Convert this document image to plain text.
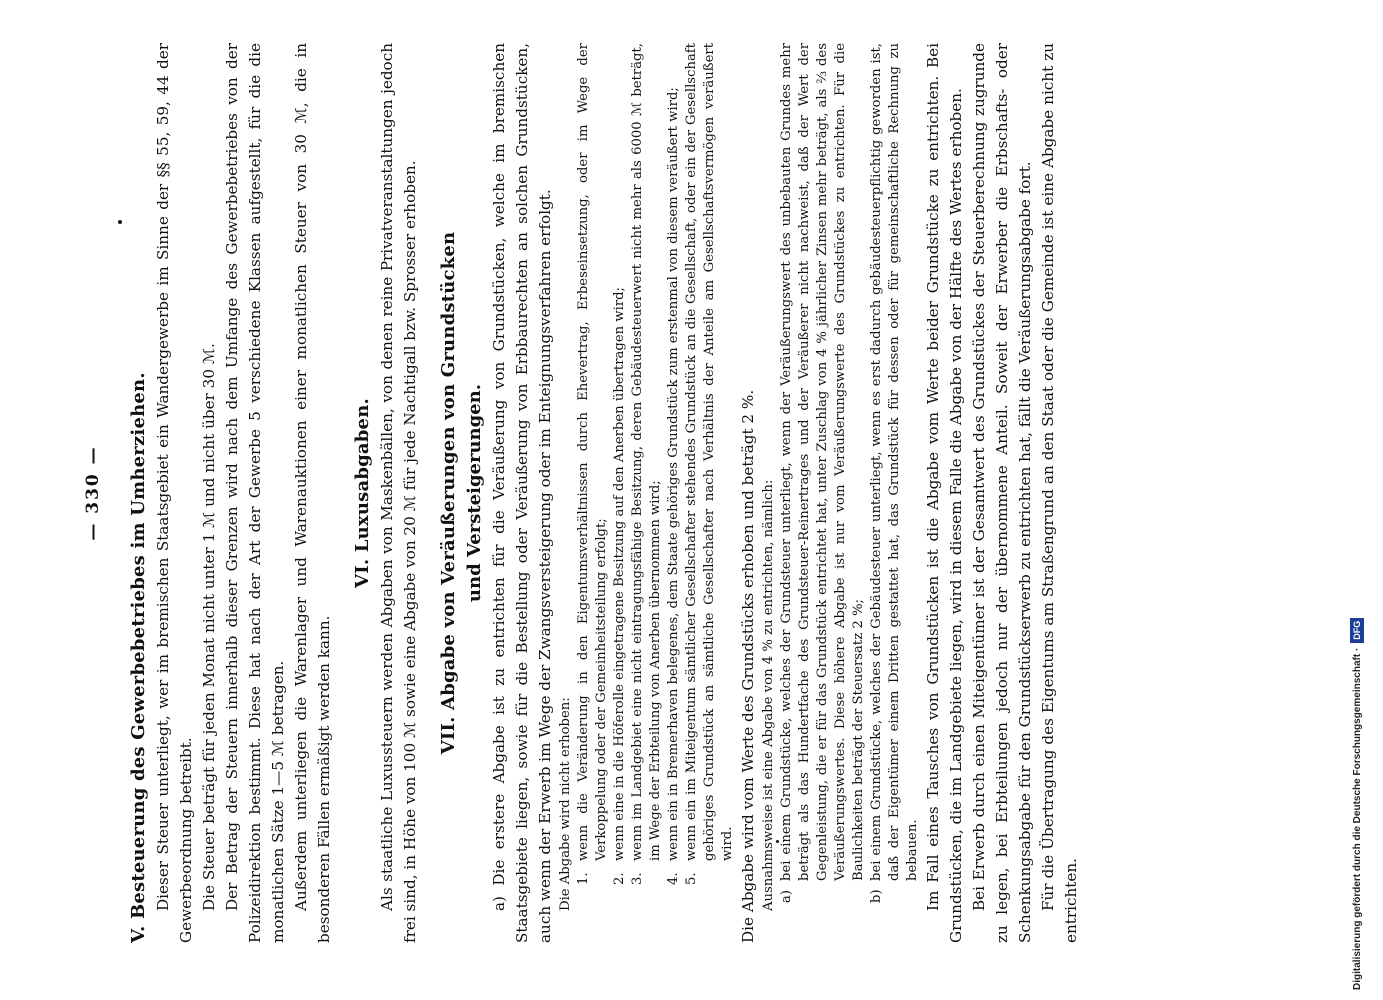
— 330 —	V. Besteuerung des Gewerbebetriebes im Umherziehen. Dieser Steuer unterliegt, wer im bremischen Staatsgebiet ein Wandergewerbe im Sinne der §§ 55, 59, 44 der Gewerbeordnung betreibt. Die Steuer beträgt für jeden Monat nicht unter 1 ℳ und nicht über 30 ℳ. Der Betrag der Steuern innerhalb dieser Grenzen wird nach dem Umfange des Gewerbebetriebes von der Polizeidirektion bestimmt. Diese hat nach der Art der Gewerbe 5 verschiedene Klassen aufgestellt, für die die monatlichen Sätze 1—5 ℳ betragen. Außerdem unterliegen die Warenlager und Warenauktionen einer monatlichen Steuer von 30 ℳ, die in besonderen Fällen ermäßigt werden kann.

VI. Luxusabgaben. Als staatliche Luxussteuern werden Abgaben von Maskenbällen, von denen reine Privatveranstaltungen jedoch frei sind, in Höhe von 100 ℳ sowie eine Abgabe von 20 ℳ für jede Nachtigall bzw. Sprosser erhoben. VII. Abgabe von Veräußerungen von Grundstücken und Versteigerungen. a) Die erstere Abgabe ist zu entrichten für die Veräußerung von Grundstücken, welche im bremischen Staatsgebiete liegen, sowie für die Bestellung oder Veräußerung von Erbbaurechten an solchen Grundstücken, auch wenn der Erwerb im Wege der Zwangsversteigerung oder im Enteignungsverfahren erfolgt. Die Abgabe wird nicht erhoben: 1.
wenn die Veränderung in den Eigentumsverhältnissen durch Ehevertrag, Erbeseinsetzung, oder im Wege der Verkoppelung oder der Gemeinheitsteilung erfolgt;
2.
wenn eine in die Höferolle eingetragene Besitzung auf den Anerben übertragen wird;
3.
wenn im Landgebiet eine nicht eintragungsfähige Besitzung, deren Gebäudesteuerwert nicht mehr als 6000 ℳ beträgt, im Wege der Erbteilung von Anerben übernommen wird;
4.
wenn ein in Bremerhaven belegenes, dem Staate gehöriges Grundstück zum erstenmal von diesem veräußert wird;
5.
wenn ein im Miteigentum sämtlicher Gesellschafter stehendes Grundstück an die Gesellschaft, oder ein der Gesellschaft gehöriges Grundstück an sämtliche Gesellschafter nach Verhältnis der Anteile am Gesellschaftsvermögen veräußert wird. Die Abgabe wird vom Werte des Grundstücks erhoben und beträgt 2 %. Ausnahmsweise ist eine Abgabe von 4 % zu entrichten, nämlich: a)
bei einem Grundstücke, welches der Grundsteuer unterliegt, wenn der Veräußerungswert des unbebauten Grundes mehr beträgt als das Hundertfache des Grundsteuer-Reinertrages und der Veräußerer nicht nachweist, daß der Wert der Gegenleistung, die er für das Grundstück entrichtet hat, unter Zuschlag von 4 % jährlicher Zinsen mehr beträgt, als ⅔ des Veräußerungswertes. Diese höhere Abgabe ist nur vom Veräußerungswerte des Grundstückes zu entrichten. Für die Baulichkeiten beträgt der Steuersatz 2 %;
b)
bei einem Grundstücke, welches der Gebäudesteuer unterliegt, wenn es erst dadurch gebäudesteuerpflichtig geworden ist, daß der Eigentümer einem Dritten gestattet hat, das Grundstück für dessen oder für gemeinschaftliche Rechnung zu bebauen. Im Fall eines Tausches von Grundstücken ist die Abgabe vom Werte beider Grundstücke zu entrichten. Bei Grundstücken, die im Landgebiete liegen, wird in diesem Falle die Abgabe von der Hälfte des Wertes erhoben. Bei Erwerb durch einen Miteigentümer ist der Gesamtwert des Grundstückes der Steuerberechnung zugrunde zu legen, bei Erbteilungen jedoch nur der übernommene Anteil. Soweit der Erwerber die Erbschafts- oder Schenkungsabgabe für den Grundstückserwerb zu entrichten hat, fällt die Veräußerungsabgabe fort. Für die Übertragung des Eigentums am Straßengrund an den Staat oder die Gemeinde ist eine Abgabe nicht zu entrichten.	Digitalisierung gefördert durch die Deutsche Forschungsgemeinschaft ·DFG
